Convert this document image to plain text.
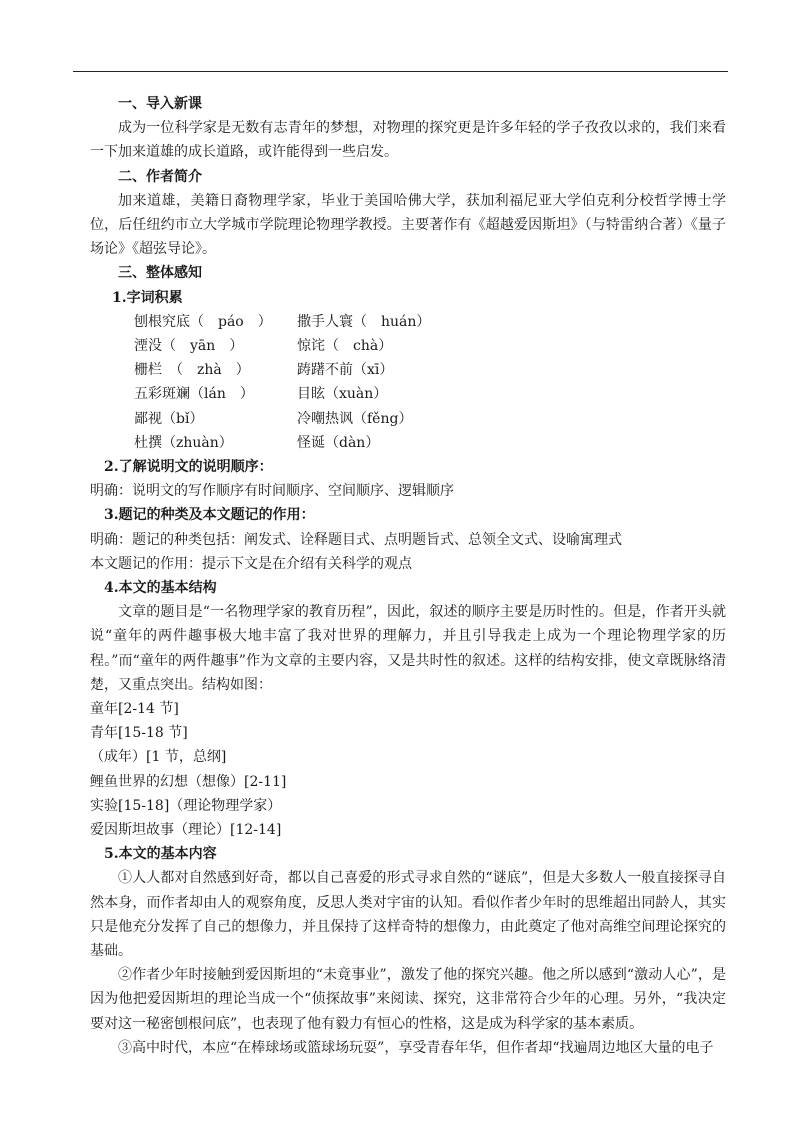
一、导入新课

成为一位科学家是无数有志青年的梦想，对物理的探究更是许多年轻的学子孜孜以求的，我们来看一下加来道雄的成长道路，或许能得到一些启发。

二、作者简介

加来道雄，美籍日裔物理学家，毕业于美国哈佛大学，获加利福尼亚大学伯克利分校哲学博士学位，后任纽约市立大学城市学院理论物理学教授。主要著作有《超越爱因斯坦》（与特雷纳合著）《量子场论》《超弦导论》。

三、整体感知

1.字词积累

刨根究底（　páo　）	撒手人寰（　huán）
湮没（　yān　）	惊诧（　chà）
栅栏　（　zhà　）	踌躇不前（xī）
五彩斑斓（lán　）	目眩（xuàn）
鄙视（bǐ）	冷嘲热讽（fěng）
杜撰（zhuàn）	怪诞（dàn）

2.了解说明文的说明顺序：

明确：说明文的写作顺序有时间顺序、空间顺序、逻辑顺序

3.题记的种类及本文题记的作用：

明确：题记的种类包括：阐发式、诠释题目式、点明题旨式、总领全文式、设喻寓理式

本文题记的作用：提示下文是在介绍有关科学的观点

4.本文的基本结构

文章的题目是“一名物理学家的教育历程”，因此，叙述的顺序主要是历时性的。但是，作者开头就说“童年的两件趣事极大地丰富了我对世界的理解力，并且引导我走上成为一个理论物理学家的历程。”而“童年的两件趣事”作为文章的主要内容，又是共时性的叙述。这样的结构安排，使文章既脉络清楚，又重点突出。结构如图：

童年[2-14 节]

青年[15-18 节]

（成年）[1 节，总纲]

鲤鱼世界的幻想（想像）[2-11]

实验[15-18]（理论物理学家）

爱因斯坦故事（理论）[12-14]

5.本文的基本内容

①人人都对自然感到好奇，都以自己喜爱的形式寻求自然的“谜底”，但是大多数人一般直接探寻自然本身，而作者却由人的观察角度，反思人类对宇宙的认知。看似作者少年时的思维超出同龄人，其实只是他充分发挥了自己的想像力，并且保持了这样奇特的想像力，由此奠定了他对高维空间理论探究的基础。

②作者少年时接触到爱因斯坦的“未竟事业”，激发了他的探究兴趣。他之所以感到“激动人心”，是因为他把爱因斯坦的理论当成一个“侦探故事”来阅读、探究，这非常符合少年的心理。另外，“我决定要对这一秘密刨根问底”，也表现了他有毅力有恒心的性格，这是成为科学家的基本素质。

③高中时代，本应“在棒球场或篮球场玩耍”，享受青春年华，但作者却“找遍周边地区大量的电子
